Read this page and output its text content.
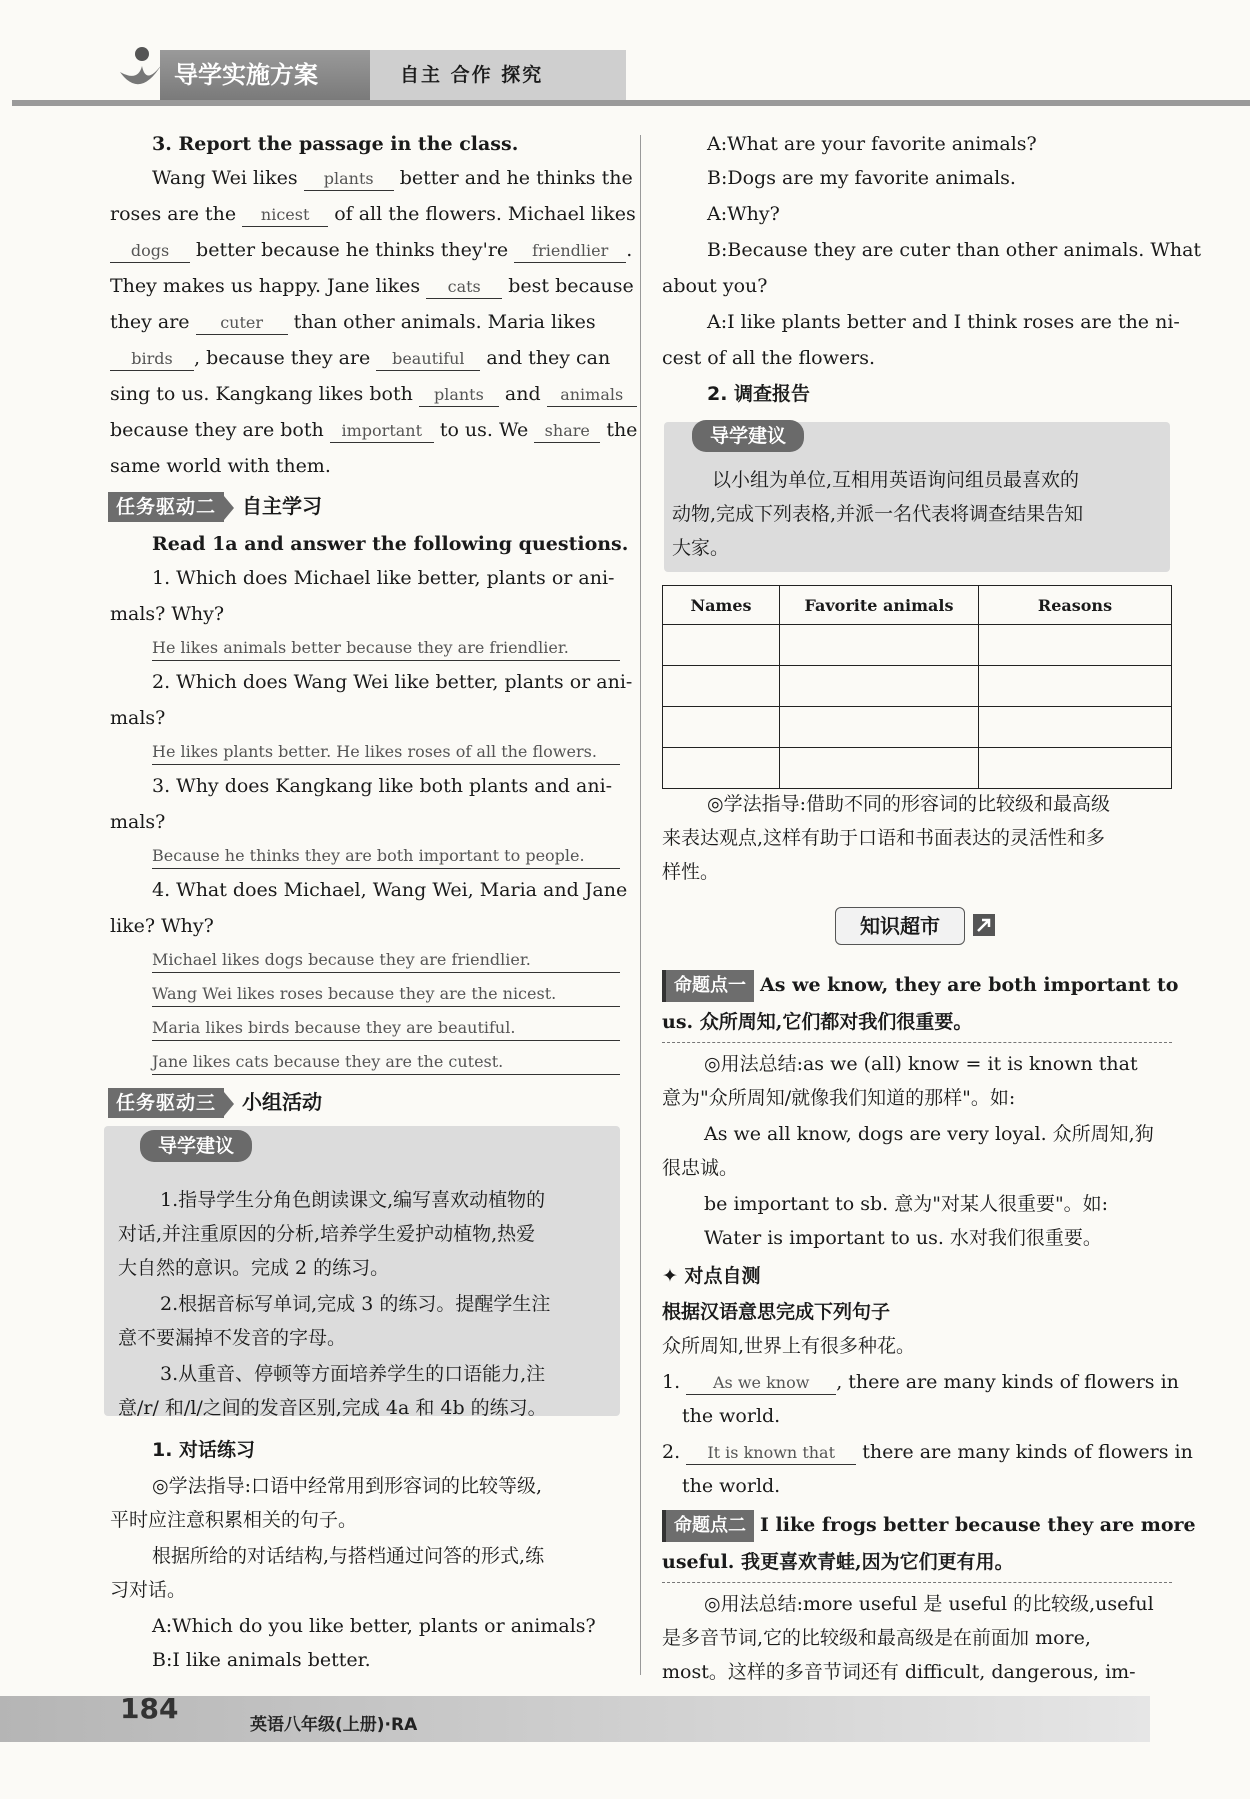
导学实施方案	自主 合作 探究
3. Report the passage in the class.
Wang Wei likes plants better and he thinks the
roses are the nicest of all the flowers. Michael likes
dogs better because he thinks they're friendlier .
They makes us happy. Jane likes cats best because
they are cuter than other animals. Maria likes
birds , because they are beautiful and they can
sing to us. Kangkang likes both plants and animals
because they are both important to us. We share the
same world with them.
任务驱动二 自主学习
Read 1a and answer the following questions.
1. Which does Michael like better, plants or ani-
mals? Why?
He likes animals better because they are friendlier.
2. Which does Wang Wei like better, plants or ani-
mals?
He likes plants better. He likes roses of all the flowers.
3. Why does Kangkang like both plants and ani-
mals?
Because he thinks they are both important to people.
4. What does Michael, Wang Wei, Maria and Jane
like? Why?
Michael likes dogs because they are friendlier.
Wang Wei likes roses because they are the nicest.
Maria likes birds because they are beautiful.
Jane likes cats because they are the cutest.
任务驱动三 小组活动
导学建议
1.指导学生分角色朗读课文,编写喜欢动植物的
对话,并注重原因的分析,培养学生爱护动植物,热爱
大自然的意识。完成 2 的练习。
2.根据音标写单词,完成 3 的练习。提醒学生注
意不要漏掉不发音的字母。
3.从重音、停顿等方面培养学生的口语能力,注
意/r/ 和/l/之间的发音区别,完成 4a 和 4b 的练习。
1. 对话练习
◎学法指导:口语中经常用到形容词的比较等级,
平时应注意积累相关的句子。
根据所给的对话结构,与搭档通过问答的形式,练
习对话。
A:Which do you like better, plants or animals?
B:I like animals better.
A:What are your favorite animals?
B:Dogs are my favorite animals.
A:Why?
B:Because they are cuter than other animals. What
about you?
A:I like plants better and I think roses are the ni-
cest of all the flowers.
2. 调查报告
导学建议
以小组为单位,互相用英语询问组员最喜欢的
动物,完成下列表格,并派一名代表将调查结果告知
大家。
Names	Favorite animals	Reasons

◎学法指导:借助不同的形容词的比较级和最高级
来表达观点,这样有助于口语和书面表达的灵活性和多
样性。
知识超市
命题点一 As we know, they are both important to
us. 众所周知,它们都对我们很重要。
◎用法总结:as we (all) know = it is known that
意为"众所周知/就像我们知道的那样"。如:
As we all know, dogs are very loyal. 众所周知,狗
很忠诚。
be important to sb. 意为"对某人很重要"。如:
Water is important to us. 水对我们很重要。
✦ 对点自测
根据汉语意思完成下列句子
众所周知,世界上有很多种花。
1. As we know , there are many kinds of flowers in
the world.
2. It is known that there are many kinds of flowers in
the world.
命题点二 I like frogs better because they are more
useful. 我更喜欢青蛙,因为它们更有用。
◎用法总结:more useful 是 useful 的比较级,useful
是多音节词,它的比较级和最高级是在前面加 more,
most。这样的多音节词还有 difficult, dangerous, im-
184	英语八年级(上册)·RA
